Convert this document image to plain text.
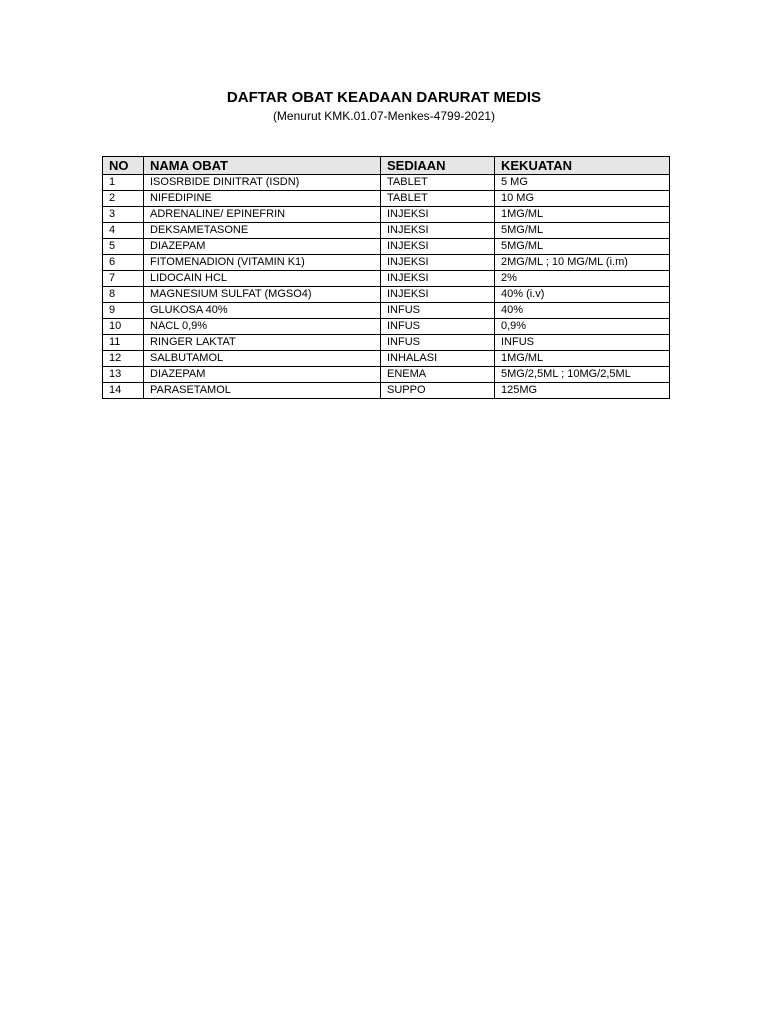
DAFTAR OBAT KEADAAN DARURAT MEDIS
(Menurut KMK.01.07-Menkes-4799-2021)
NO	NAMA OBAT	SEDIAAN	KEKUATAN
1	ISOSRBIDE DINITRAT (ISDN)	TABLET	5 MG
2	NIFEDIPINE	TABLET	10 MG
3	ADRENALINE/ EPINEFRIN	INJEKSI	1MG/ML
4	DEKSAMETASONE	INJEKSI	5MG/ML
5	DIAZEPAM	INJEKSI	5MG/ML
6	FITOMENADION (VITAMIN K1)	INJEKSI	2MG/ML ; 10 MG/ML (i.m)
7	LIDOCAIN HCL	INJEKSI	2%
8	MAGNESIUM SULFAT (MGSO4)	INJEKSI	40% (i.v)
9	GLUKOSA 40%	INFUS	40%
10	NACL 0,9%	INFUS	0,9%
11	RINGER LAKTAT	INFUS	INFUS
12	SALBUTAMOL	INHALASI	1MG/ML
13	DIAZEPAM	ENEMA	5MG/2,5ML ; 10MG/2,5ML
14	PARASETAMOL	SUPPO	125MG
